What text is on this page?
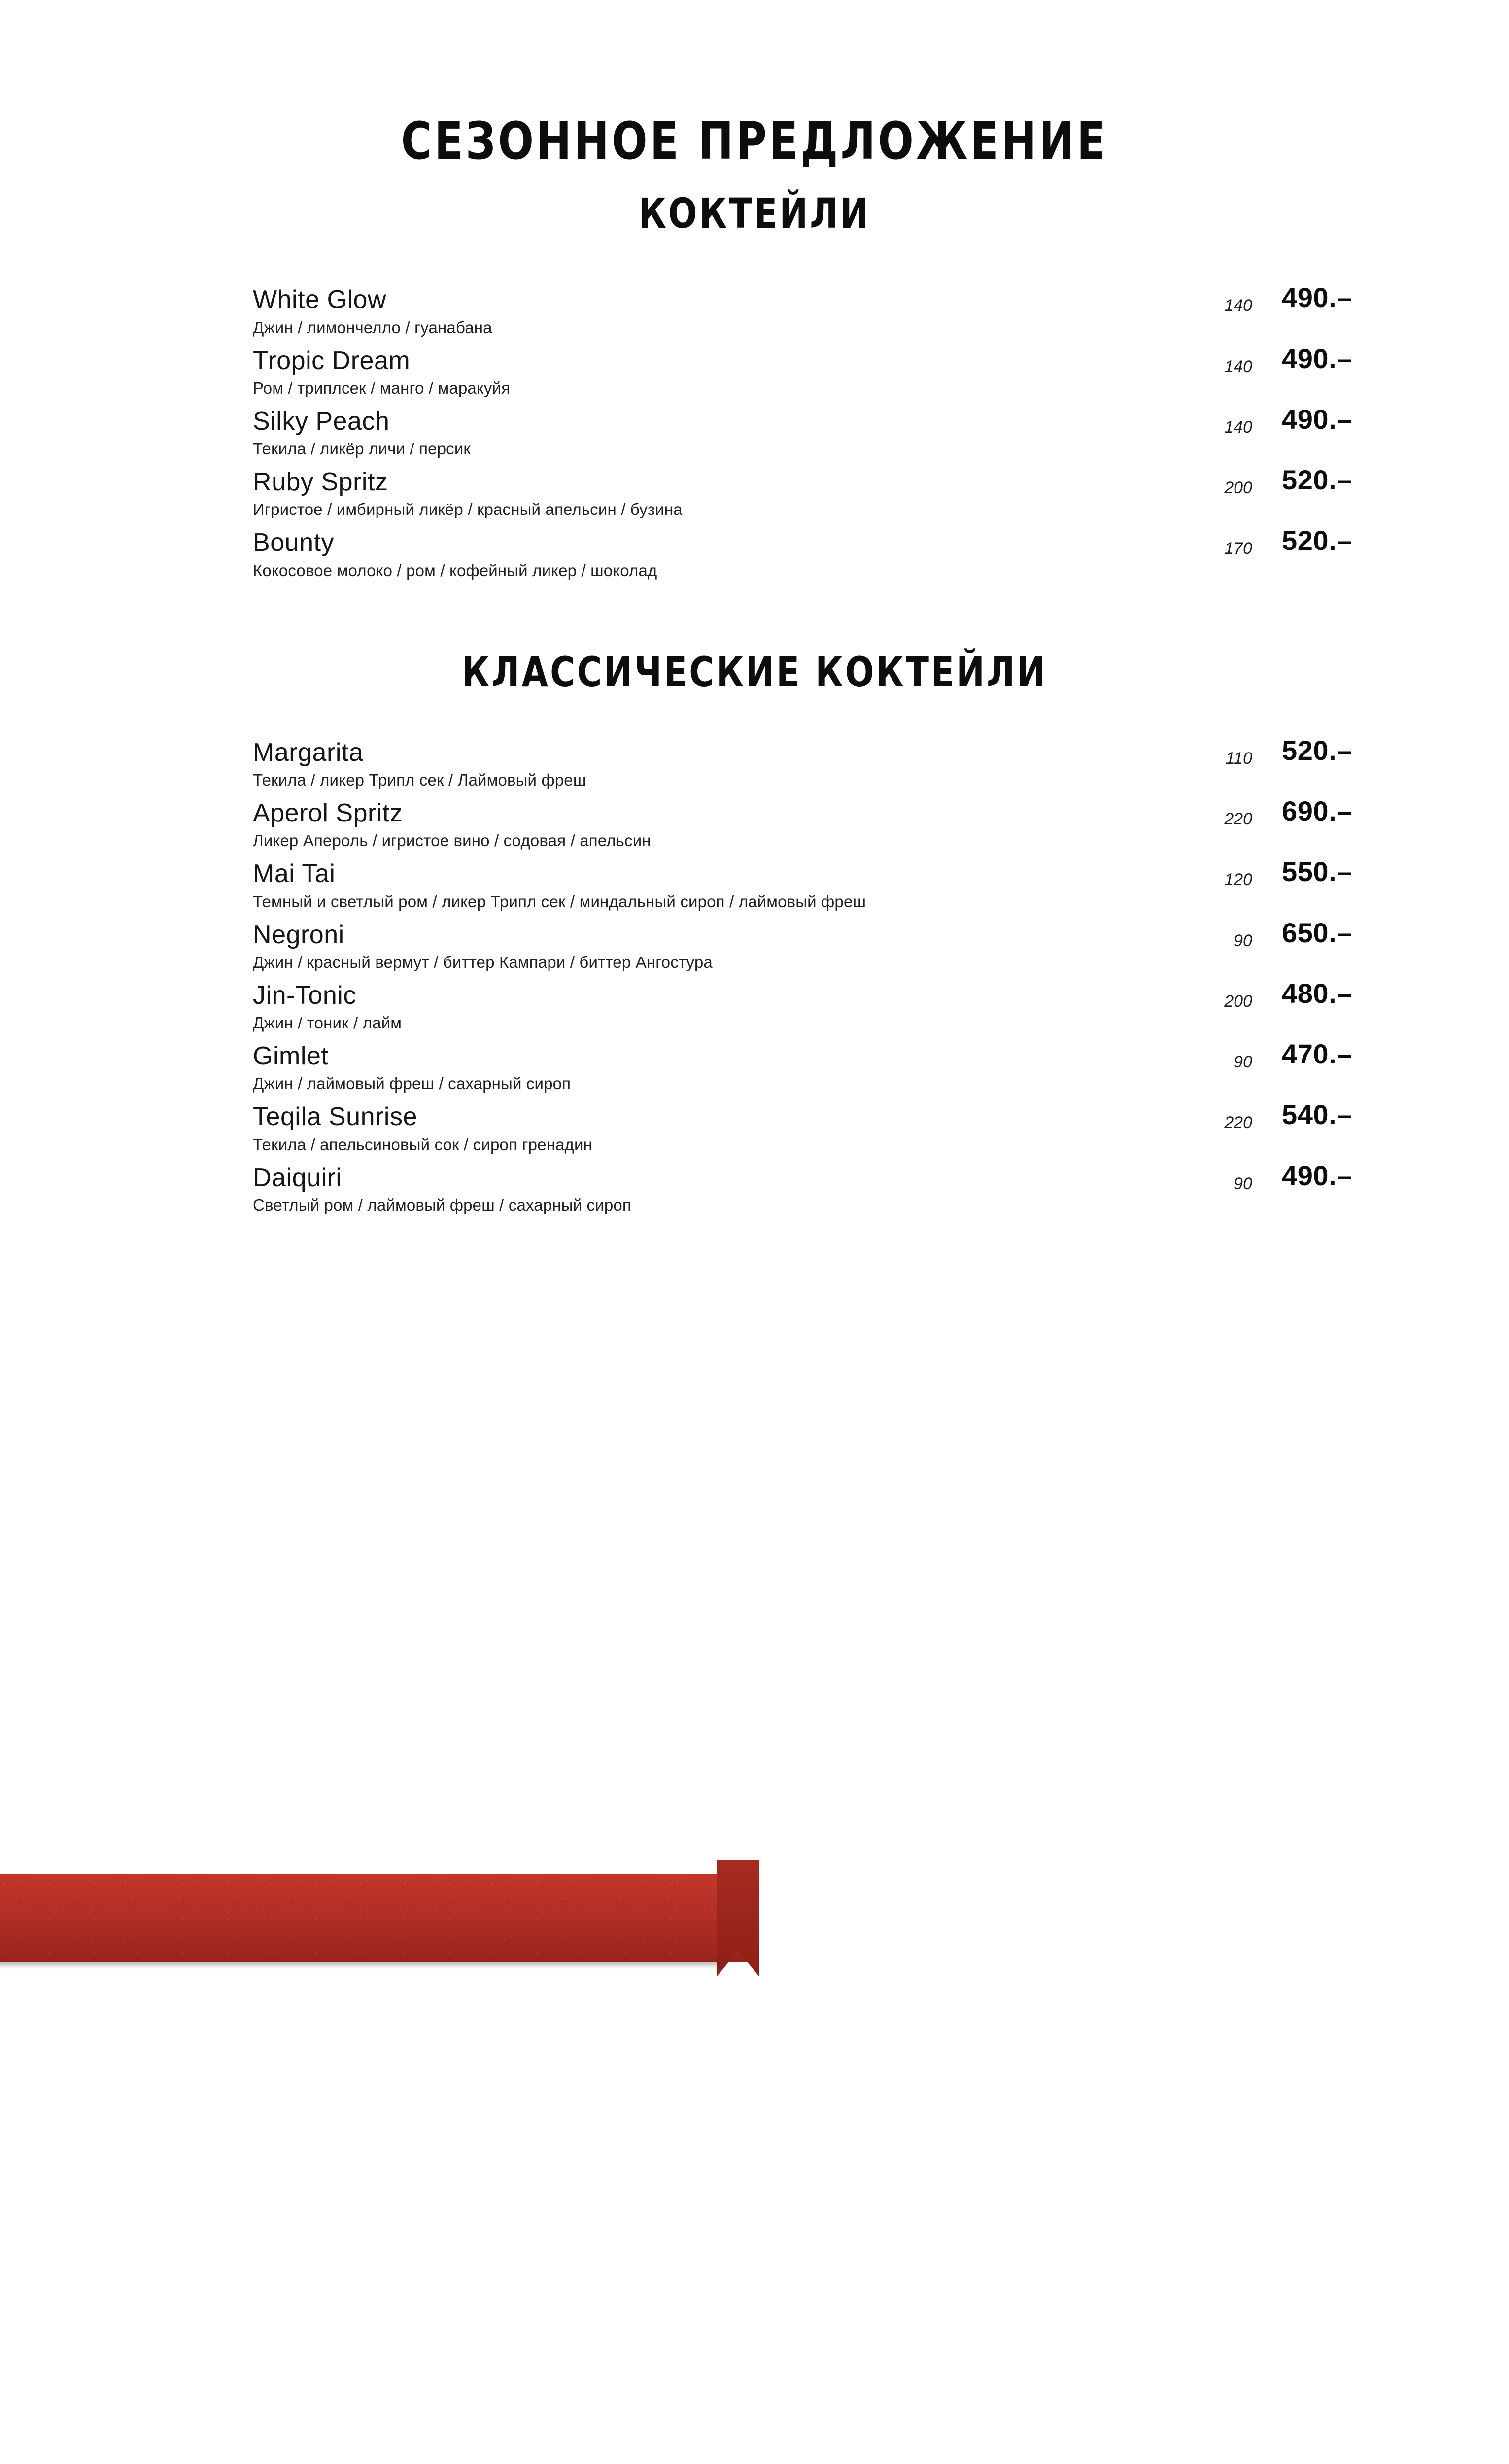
СЕЗОННОЕ ПРЕДЛОЖЕНИЕ
КОКТЕЙЛИ
White Glow	140	490.–
Джин / лимончелло / гуанабана
Tropic Dream	140	490.–
Ром / триплсек / манго / маракуйя
Silky Peach	140	490.–
Текила / ликёр личи / персик
Ruby Spritz	200	520.–
Игристое / имбирный ликёр / красный апельсин / бузина
Bounty	170	520.–
Кокосовое молоко / ром / кофейный ликер / шоколад
КЛАССИЧЕСКИЕ КОКТЕЙЛИ
Margarita	110	520.–
Текила / ликер Трипл сек / Лаймовый фреш
Aperol Spritz	220	690.–
Ликер Апероль / игристое вино / содовая / апельсин
Mai Tai	120	550.–
Темный и светлый ром / ликер Трипл сек / миндальный сироп / лаймовый фреш
Negroni	90	650.–
Джин / красный вермут / биттер Кампари / биттер Ангостура
Jin-Tonic	200	480.–
Джин / тоник / лайм
Gimlet	90	470.–
Джин / лаймовый фреш / сахарный сироп
Teqila Sunrise	220	540.–
Текила / апельсиновый сок / сироп гренадин
Daiquiri	90	490.–
Светлый ром / лаймовый фреш / сахарный сироп
